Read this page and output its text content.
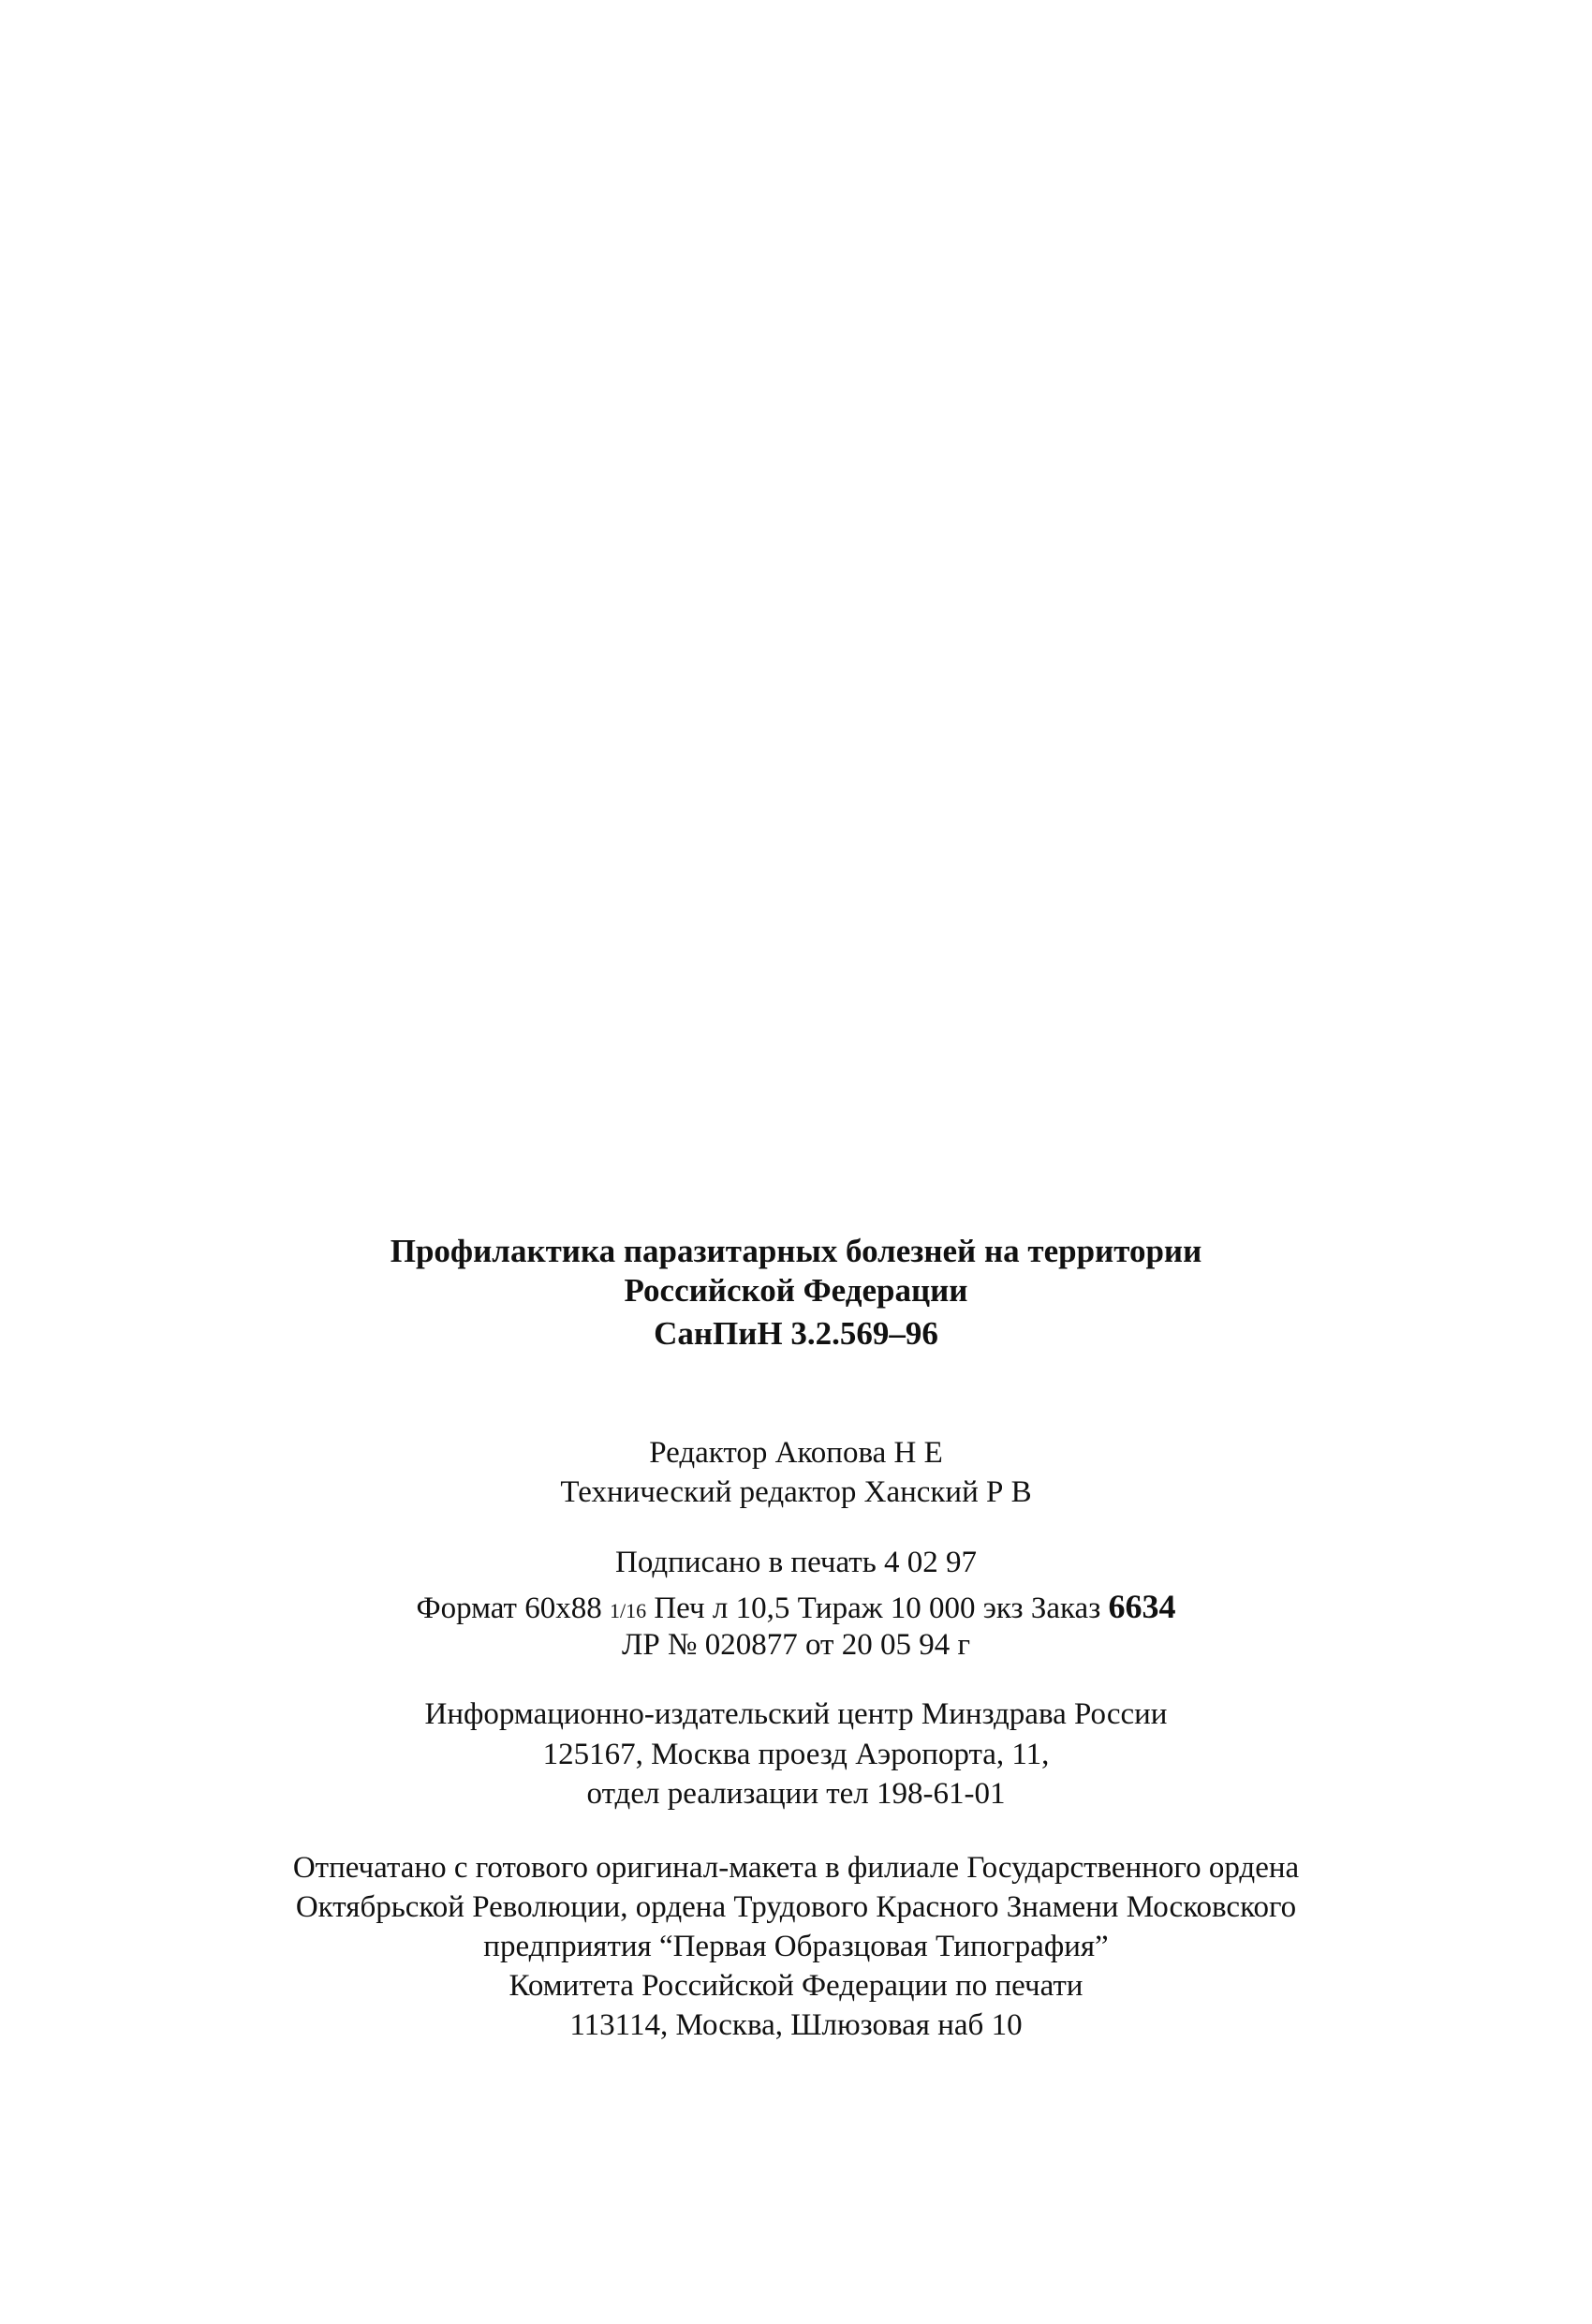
Профилактика паразитарных болезней на территории
Российской Федерации
СанПиН 3.2.569–96
Редактор Акопова Н Е
Технический редактор Ханский Р В
Подписано в печать 4 02 97
Формат 60x88 1/16 Печ л 10,5 Тираж 10 000 экз Заказ 6634
ЛР № 020877 от 20 05 94 г
Информационно-издательский центр Минздрава России
125167, Москва проезд Аэропорта, 11,
отдел реализации тел 198-61-01
Отпечатано с готового оригинал-макета в филиале Государственного ордена
Октябрьской Революции, ордена Трудового Красного Знамени Московского
предприятия “Первая Образцовая Типография”
Комитета Российской Федерации по печати
113114, Москва, Шлюзовая наб 10
